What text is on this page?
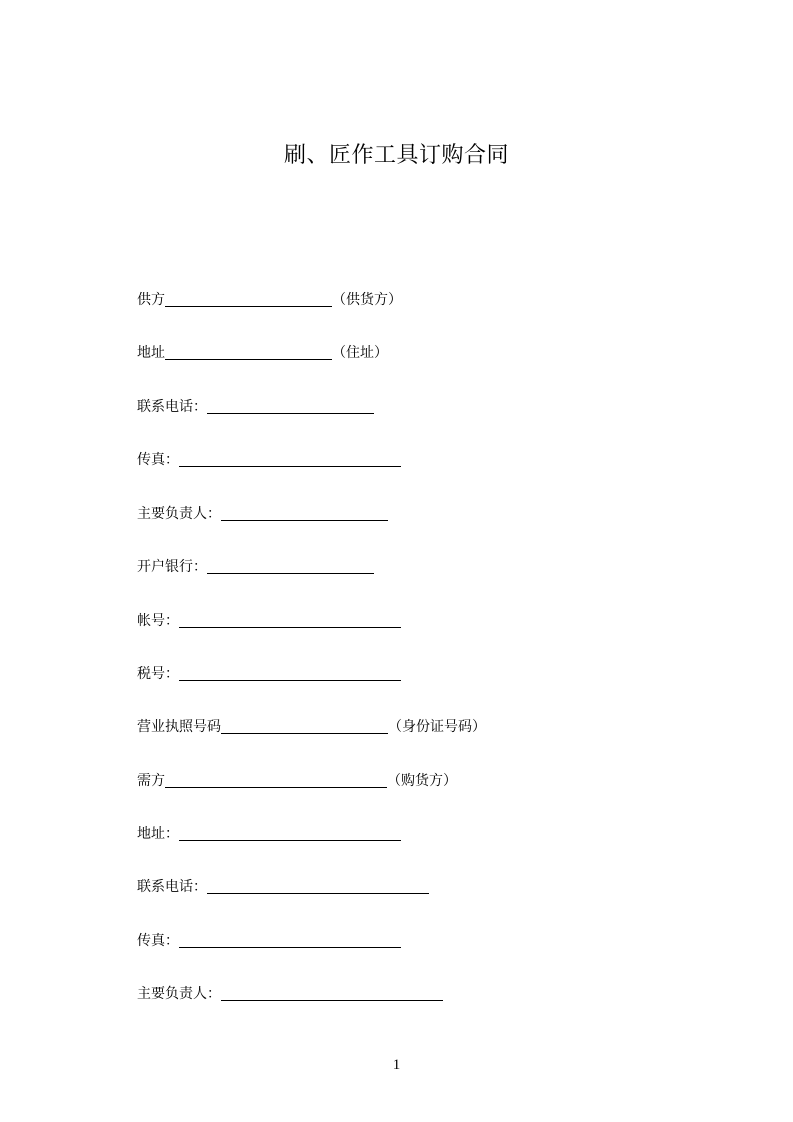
刷、匠作工具订购合同
供方	（供货方）
地址	（住址）
联系电话：
传真：
主要负责人：
开户银行：
帐号：
税号：
营业执照号码	（身份证号码）
需方	（购货方）
地址：
联系电话：
传真：
主要负责人：
1
